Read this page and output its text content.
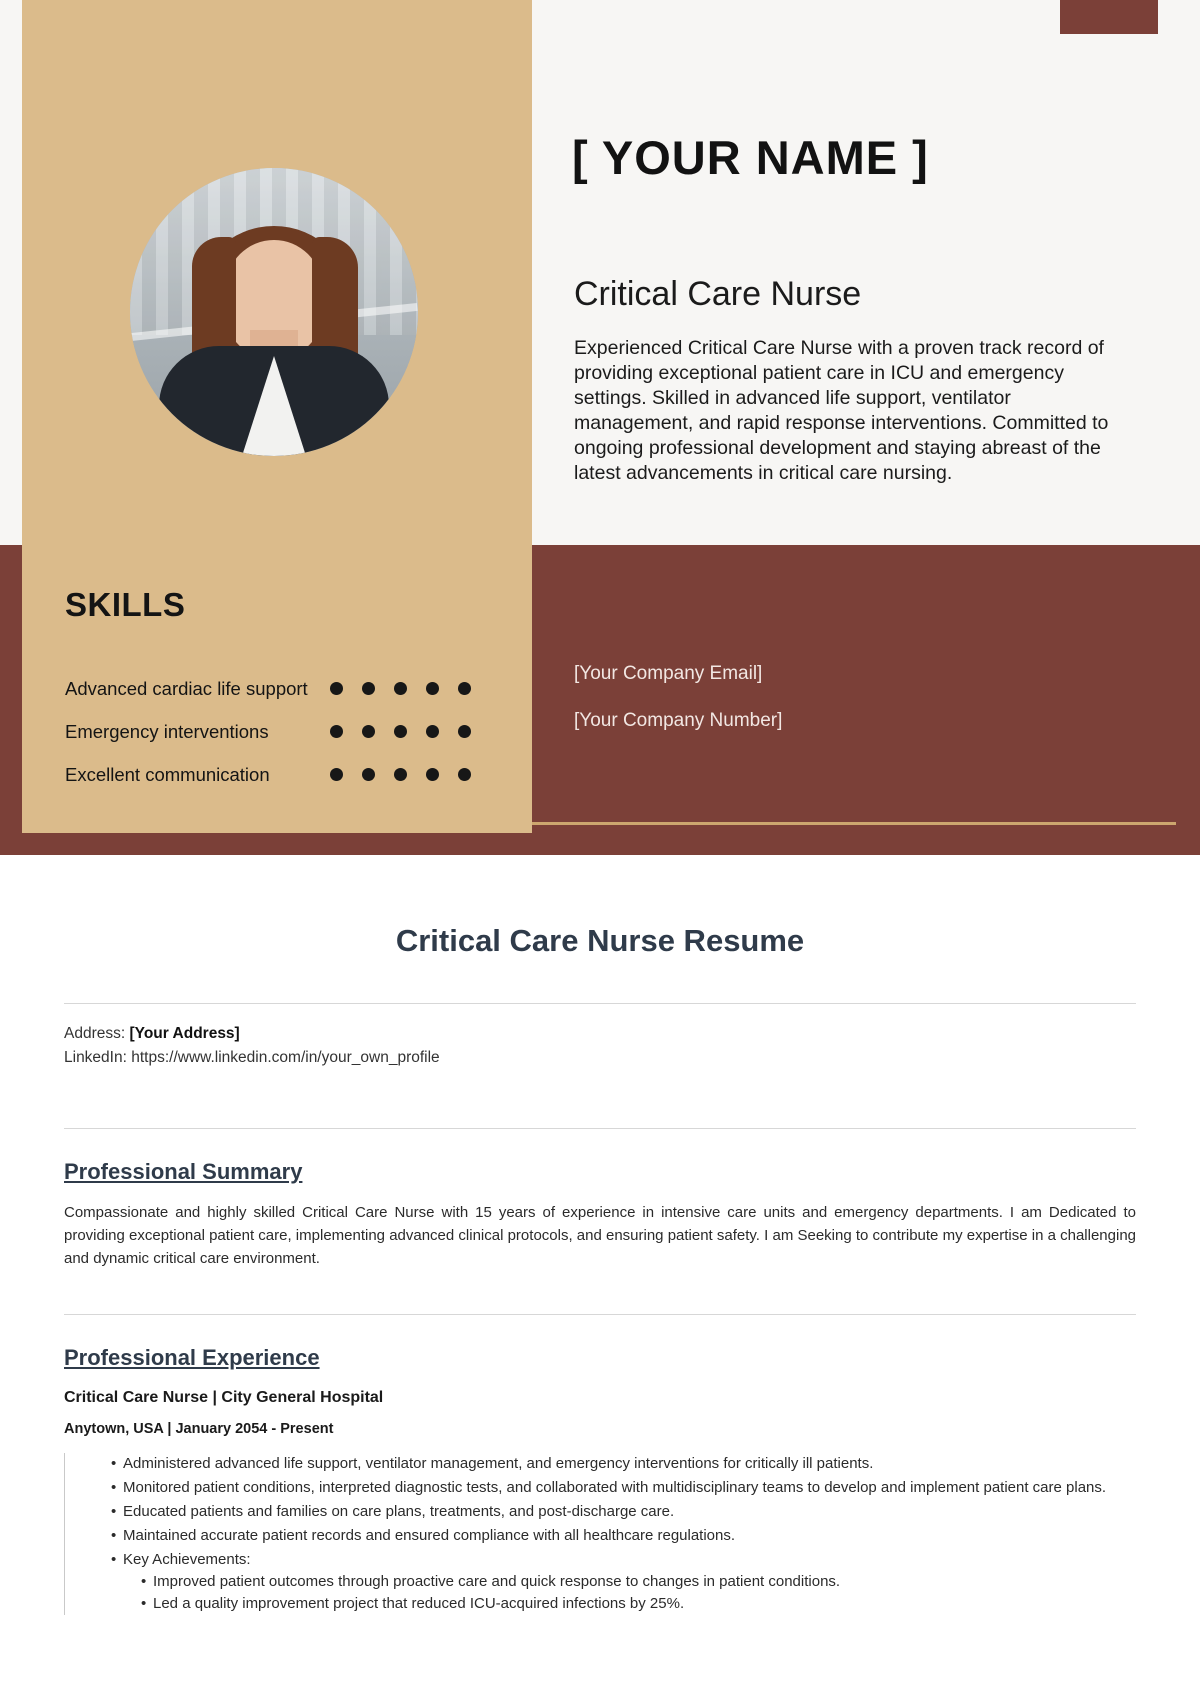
[ YOUR NAME ]
Critical Care Nurse
Experienced Critical Care Nurse with a proven track record of providing exceptional patient care in ICU and emergency settings. Skilled in advanced life support, ventilator management, and rapid response interventions. Committed to ongoing professional development and staying abreast of the latest advancements in critical care nursing.
SKILLS
Advanced cardiac life support
Emergency interventions
Excellent communication
[Your Company Email]
[Your Company Number]
Critical Care Nurse Resume
Address: [Your Address]
LinkedIn: https://www.linkedin.com/in/your_own_profile
Professional Summary
Compassionate and highly skilled Critical Care Nurse with 15 years of experience in intensive care units and emergency departments. I am Dedicated to providing exceptional patient care, implementing advanced clinical protocols, and ensuring patient safety. I am Seeking to contribute my expertise in a challenging and dynamic critical care environment.
Professional Experience
Critical Care Nurse | City General Hospital
Anytown, USA | January 2054 - Present
• Administered advanced life support, ventilator management, and emergency interventions for critically ill patients.
• Monitored patient conditions, interpreted diagnostic tests, and collaborated with multidisciplinary teams to develop and implement patient care plans.
• Educated patients and families on care plans, treatments, and post-discharge care.
• Maintained accurate patient records and ensured compliance with all healthcare regulations.
• Key Achievements:
• Improved patient outcomes through proactive care and quick response to changes in patient conditions.
• Led a quality improvement project that reduced ICU-acquired infections by 25%.
